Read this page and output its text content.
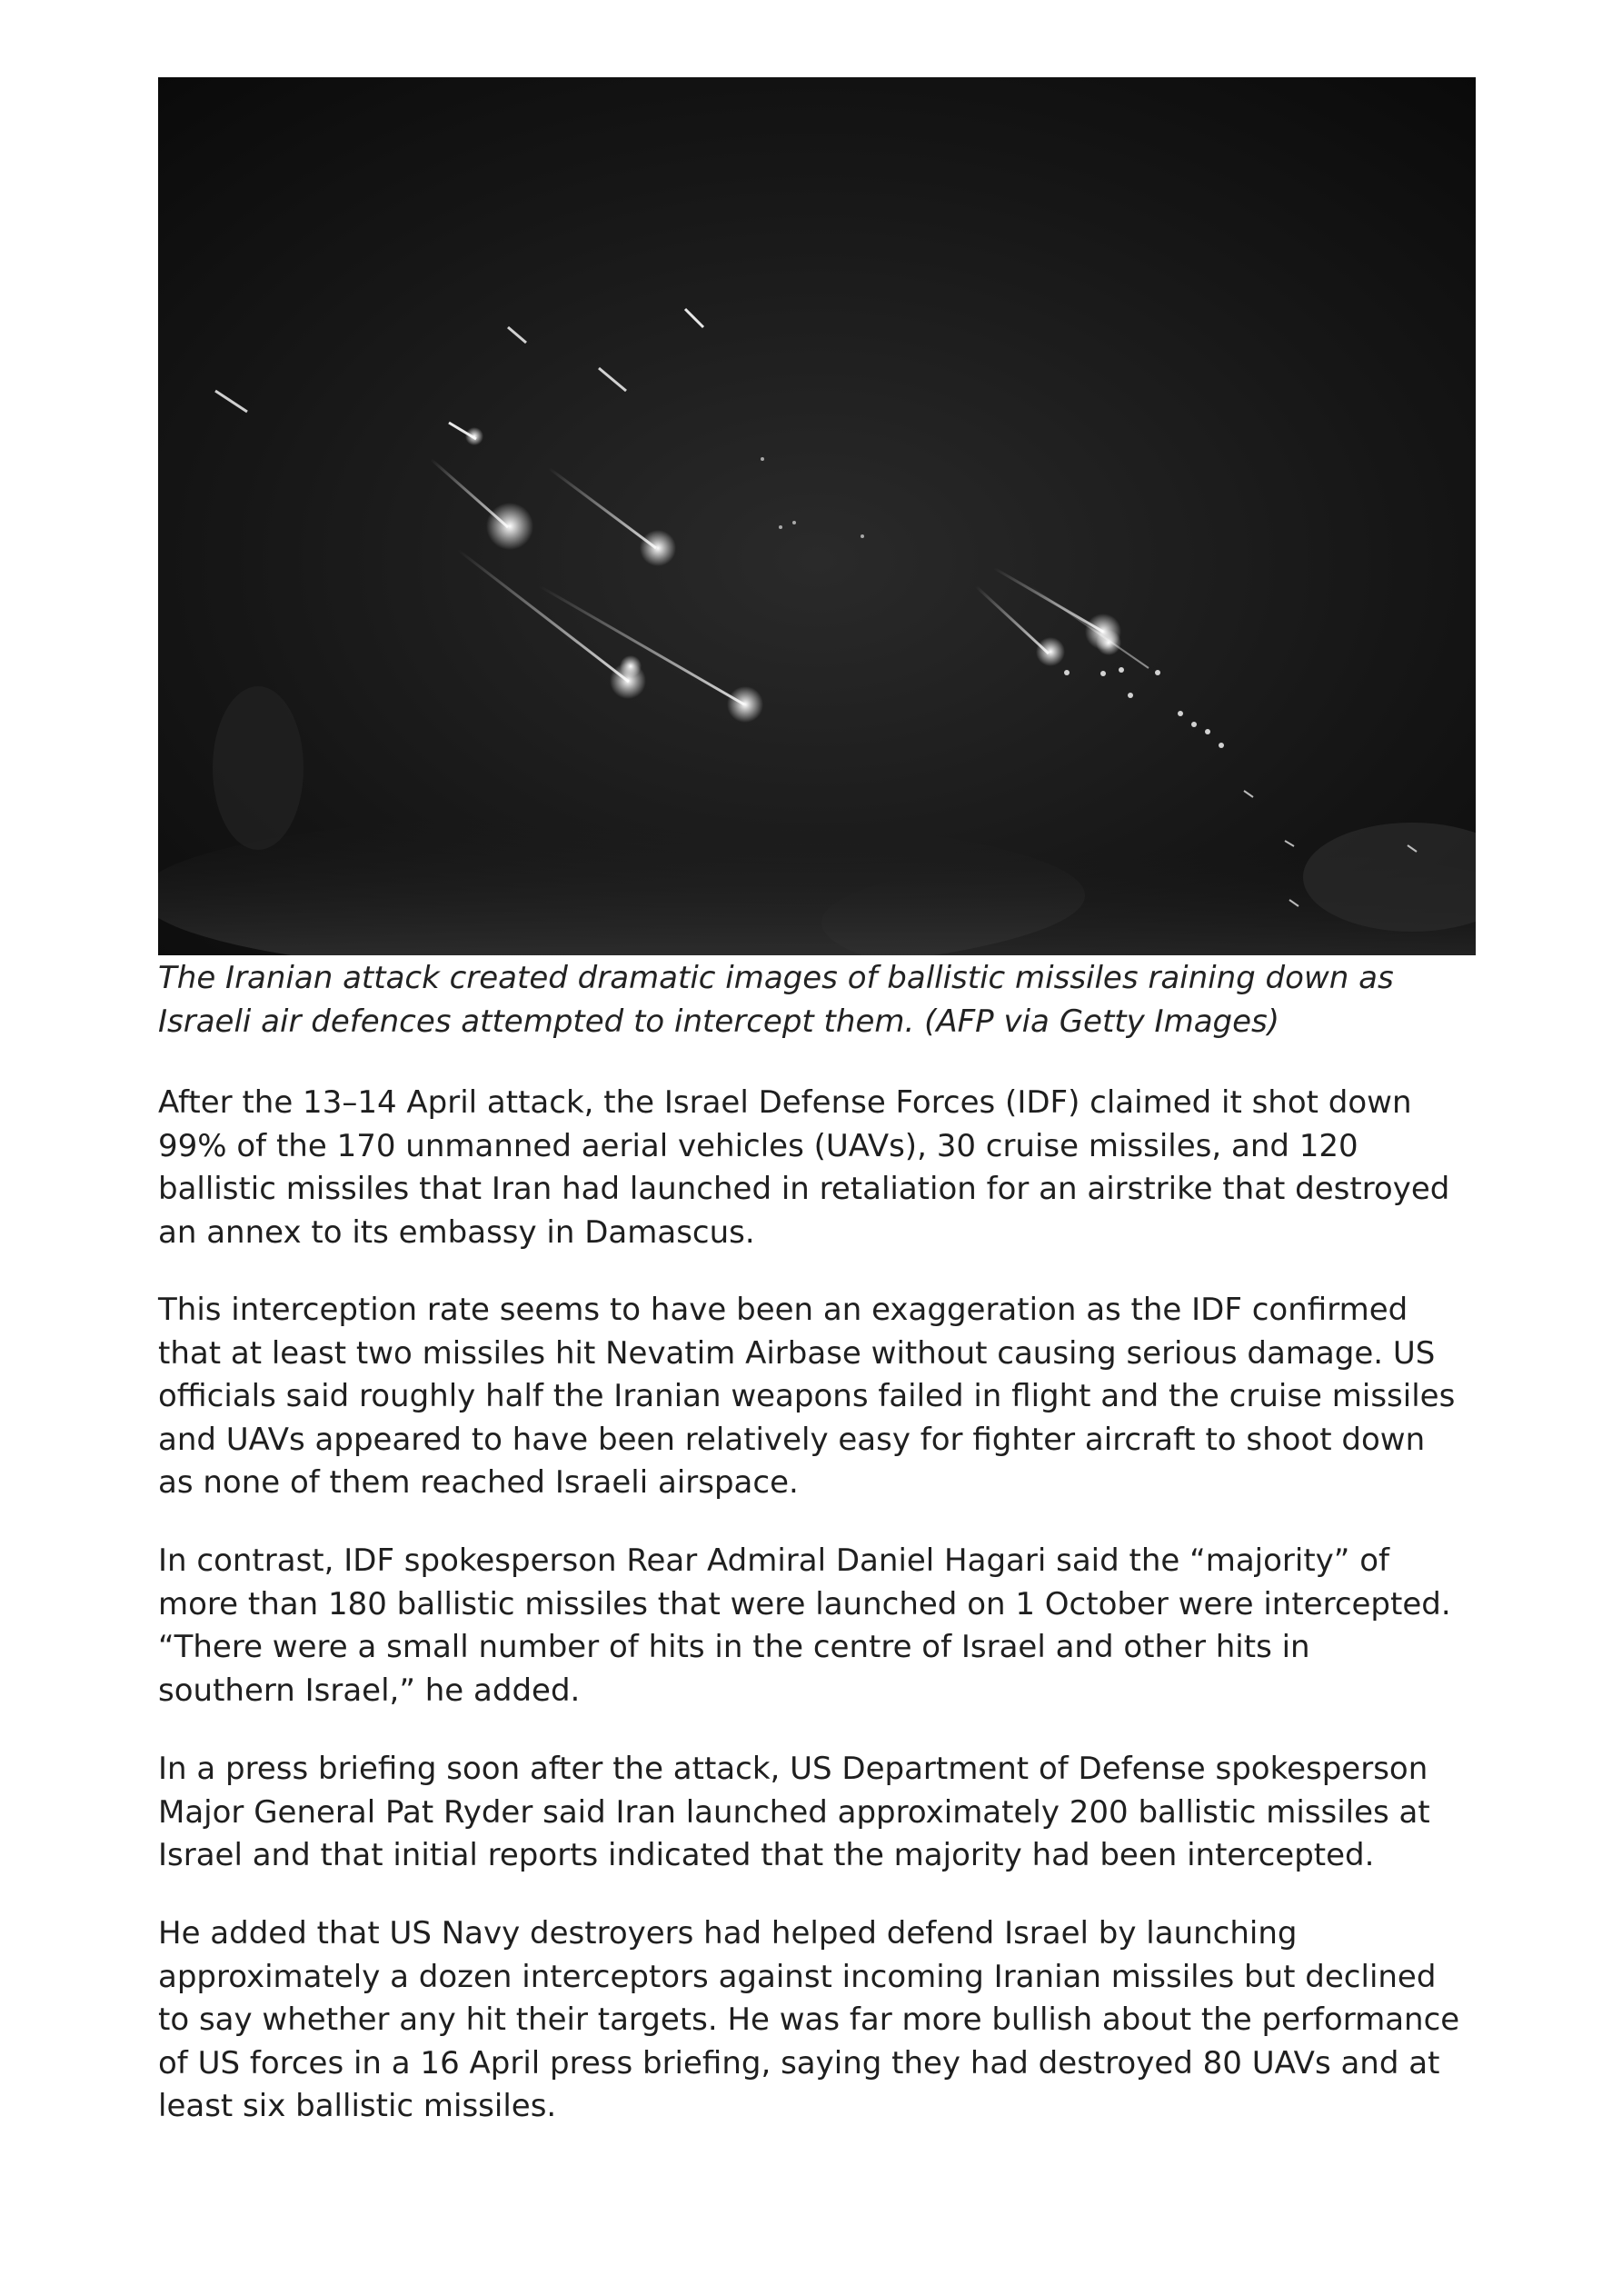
The Iranian attack created dramatic images of ballistic missiles raining down as
Israeli air defences attempted to intercept them. (AFP via Getty Images)

After the 13–14 April attack, the Israel Defense Forces (IDF) claimed it shot down
99% of the 170 unmanned aerial vehicles (UAVs), 30 cruise missiles, and 120
ballistic missiles that Iran had launched in retaliation for an airstrike that destroyed
an annex to its embassy in Damascus.

This interception rate seems to have been an exaggeration as the IDF confirmed
that at least two missiles hit Nevatim Airbase without causing serious damage. US
officials said roughly half the Iranian weapons failed in flight and the cruise missiles
and UAVs appeared to have been relatively easy for fighter aircraft to shoot down
as none of them reached Israeli airspace.

In contrast, IDF spokesperson Rear Admiral Daniel Hagari said the “majority” of
more than 180 ballistic missiles that were launched on 1 October were intercepted.
“There were a small number of hits in the centre of Israel and other hits in
southern Israel,” he added.

In a press briefing soon after the attack, US Department of Defense spokesperson
Major General Pat Ryder said Iran launched approximately 200 ballistic missiles at
Israel and that initial reports indicated that the majority had been intercepted.

He added that US Navy destroyers had helped defend Israel by launching
approximately a dozen interceptors against incoming Iranian missiles but declined
to say whether any hit their targets. He was far more bullish about the performance
of US forces in a 16 April press briefing, saying they had destroyed 80 UAVs and at
least six ballistic missiles.
